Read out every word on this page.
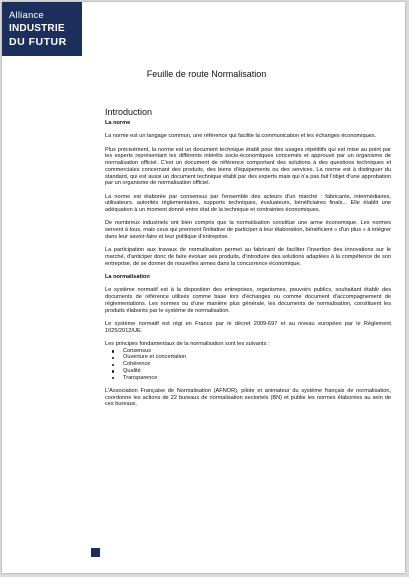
Alliance
INDUSTRIE
DU FUTUR
Feuille de route Normalisation
Introduction

La norme

La norme est un langage commun, une référence qui facilite la communication et les échanges économiques.

Plus précisément, la norme est un document technique établi pour des usages répétitifs qui est mise au point par les experts représentant les différents intérêts socio-économiques concernés et approuvé par un organisme de normalisation officiel. C'est un document de référence comportant des solutions à des questions techniques et commerciales concernant des produits, des biens d'équipements ou des services. La norme est à distinguer du standard, qui est aussi un document technique établi par des experts mais qui n'a pas fait l'objet d'une approbation par un organisme de normalisation officiel.

La norme est élaborée par consensus par l'ensemble des acteurs d'un marché : fabricants, intermédiaires, utilisateurs, autorités réglementaires, supports techniques, évaluateurs, bénéficiaires finals... Elle établit une adéquation à un moment donné entre état de la technique et contraintes économiques.

De nombreux industriels ont bien compris que la normalisation constitue une arme économique. Les normes servent à tous, mais ceux qui prennent l'initiative de participer à leur élaboration, bénéficient « d'un plus » à intégrer dans leur savoir-faire et leur politique d'entreprise.

La participation aux travaux de normalisation permet au fabricant de faciliter l'insertion des innovations sur le marché, d'anticiper donc de faire évoluer ses produits, d'introduire des solutions adaptées à la compétence de son entreprise, de se donner de nouvelles armes dans la concurrence économique.

La normalisation

Le système normatif est à la disposition des entreprises, organismes, pouvoirs publics, souhaitant établir des documents de référence utilisés comme base lors d'échanges ou comme document d'accompagnement de réglementations. Les normes ou d'une manière plus générale, les documents de normalisation, constituent les produits élaborés par le système de normalisation.

Le système normatif est régi en France par le décret 2009-697 et au niveau européen par le Règlement 1025/2012/UE.

Les principes fondamentaux de la normalisation sont les suivants :

Consensus
Ouverture et concertation
Cohérence
Qualité
Transparence

L'Association Française de Normalisation (AFNOR), pilote et animateur du système français de normalisation, coordonne les actions de 22 bureaux de normalisation sectoriels (BN) et publie les normes élaborées au sein de ces bureaux.
